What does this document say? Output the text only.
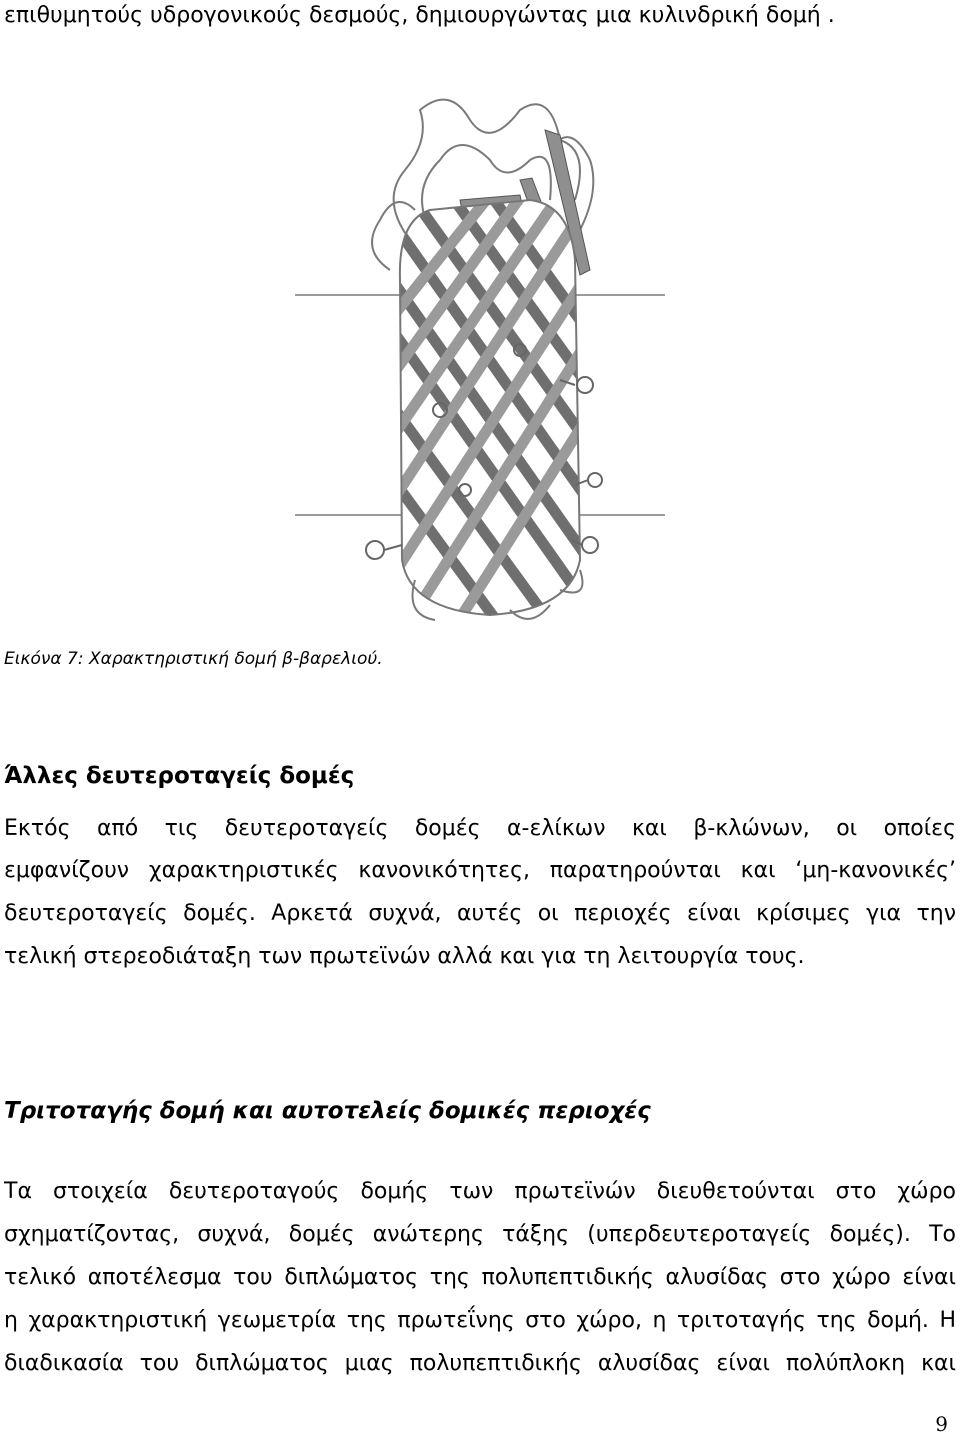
επιθυμητούς υδρογονικούς δεσμούς, δημιουργώντας μια κυλινδρική δομή .
Εικόνα 7: Χαρακτηριστική δομή β-βαρελιού.
Άλλες δευτεροταγείς δομές
Εκτός από τις δευτεροταγείς δομές α-ελίκων και β-κλώνων, οι οποίες
εμφανίζουν χαρακτηριστικές κανονικότητες, παρατηρούνται και ‘μη-κανονικές’
δευτεροταγείς δομές. Αρκετά συχνά, αυτές οι περιοχές είναι κρίσιμες για την
τελική στερεοδιάταξη των πρωτεϊνών αλλά και για τη λειτουργία τους.
Τριτοταγής δομή και αυτοτελείς δομικές περιοχές
Τα στοιχεία δευτεροταγούς δομής των πρωτεϊνών διευθετούνται στο χώρο
σχηματίζοντας, συχνά, δομές ανώτερης τάξης (υπερδευτεροταγείς δομές). Το
τελικό αποτέλεσμα του διπλώματος της πολυπεπτιδικής αλυσίδας στο χώρο είναι
η χαρακτηριστική γεωμετρία της πρωτεΐνης στο χώρο, η τριτοταγής της δομή. Η
διαδικασία του διπλώματος μιας πολυπεπτιδικής αλυσίδας είναι πολύπλοκη και
9
